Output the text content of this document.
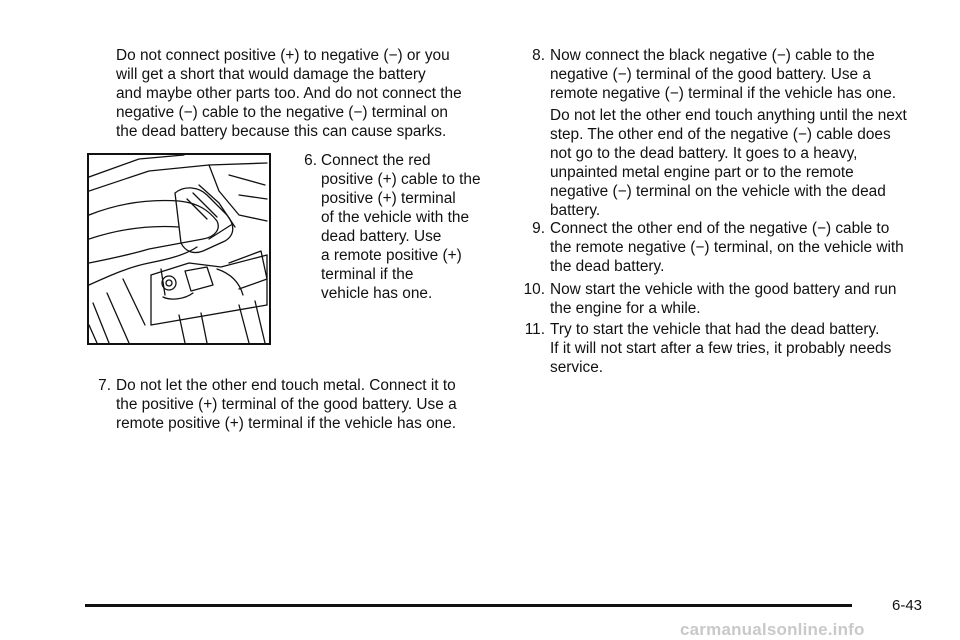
Do not connect positive (+) to negative (−) or you
will get a short that would damage the battery
and maybe other parts too. And do not connect the
negative (−) cable to the negative (−) terminal on
the dead battery because this can cause sparks.
6. Connect the red
positive (+) cable to the
positive (+) terminal
of the vehicle with the
dead battery. Use
a remote positive (+)
terminal if the
vehicle has one.
7. Do not let the other end touch metal. Connect it to
the positive (+) terminal of the good battery. Use a
remote positive (+) terminal if the vehicle has one.
8. Now connect the black negative (−) cable to the
negative (−) terminal of the good battery. Use a
remote negative (−) terminal if the vehicle has one.
Do not let the other end touch anything until the next
step. The other end of the negative (−) cable does
not go to the dead battery. It goes to a heavy,
unpainted metal engine part or to the remote
negative (−) terminal on the vehicle with the dead
battery.
9. Connect the other end of the negative (−) cable to
the remote negative (−) terminal, on the vehicle with
the dead battery.
10. Now start the vehicle with the good battery and run
the engine for a while.
11. Try to start the vehicle that had the dead battery.
If it will not start after a few tries, it probably needs
service.
6-43
carmanualsonline.info
